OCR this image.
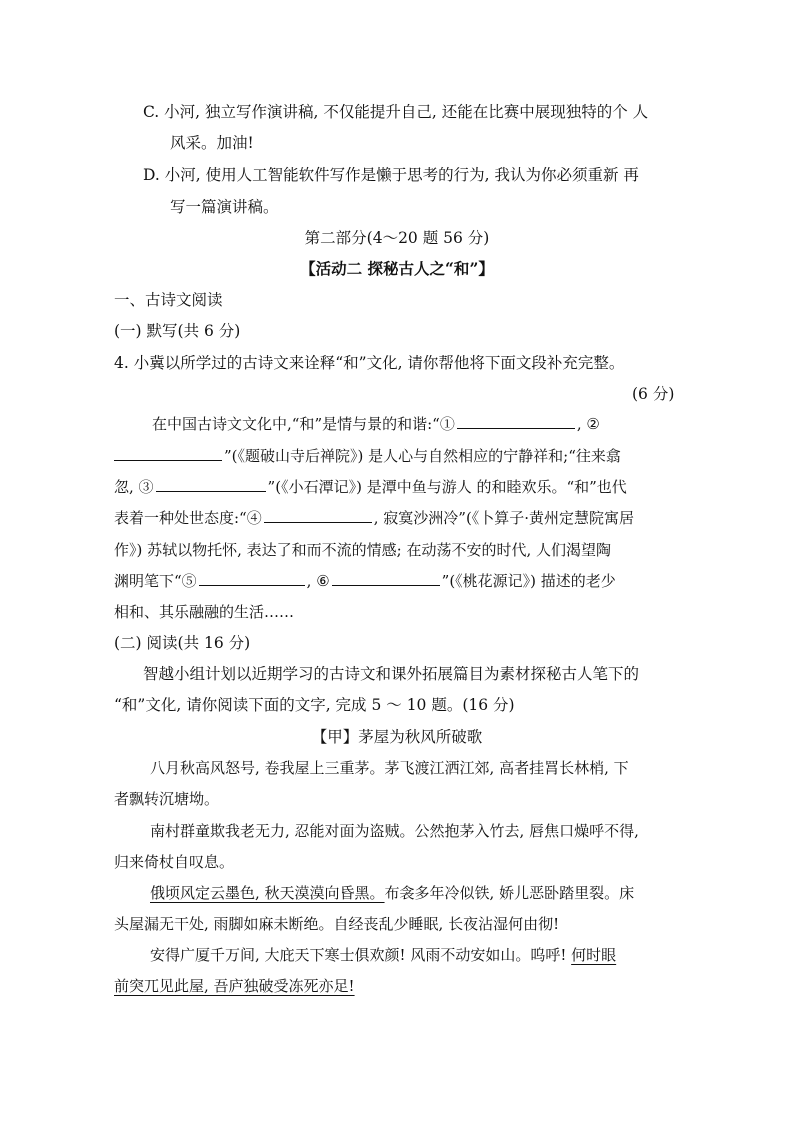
C. 小河, 独立写作演讲稿, 不仅能提升自己, 还能在比赛中展现独特的个 人
风采。加油!
D. 小河, 使用人工智能软件写作是懒于思考的行为, 我认为你必须重新 再
写一篇演讲稿。
第二部分(4～20 题 56 分)
【活动二 探秘古人之“和”】
一、古诗文阅读
(一) 默写(共 6 分)
4. 小冀以所学过的古诗文来诠释“和”文化, 请你帮他将下面文段补充完整。
(6 分)
在中国古诗文文化中,“和”是情与景的和谐:“①	, ②
”(《题破山寺后禅院》) 是人心与自然相应的宁静祥和;“往来翕
忽, ③	”(《小石潭记》) 是潭中鱼与游人 的和睦欢乐。“和”也代
表着一种处世态度:“④	, 寂寞沙洲冷”(《卜算子·黄州定慧院寓居
作》) 苏轼以物托怀, 表达了和而不流的情感; 在动荡不安的时代, 人们渴望陶
渊明笔下“⑤	, ⑥	”(《桃花源记》) 描述的老少
相和、其乐融融的生活……
(二) 阅读(共 16 分)
智越小组计划以近期学习的古诗文和课外拓展篇目为素材探秘古人笔下的
“和”文化, 请你阅读下面的文字, 完成 5 ～ 10 题。(16 分)
【甲】茅屋为秋风所破歌
八月秋高风怒号, 卷我屋上三重茅。茅飞渡江洒江郊, 高者挂罥长林梢, 下
者飘转沉塘坳。
南村群童欺我老无力, 忍能对面为盗贼。公然抱茅入竹去, 唇焦口燥呼不得,
归来倚杖自叹息。
俄顷风定云墨色, 秋天漠漠向昏黑。布衾多年冷似铁, 娇儿恶卧踏里裂。床
头屋漏无干处, 雨脚如麻未断绝。自经丧乱少睡眠, 长夜沾湿何由彻!
安得广厦千万间, 大庇天下寒士俱欢颜! 风雨不动安如山。呜呼! 何时眼
前突兀见此屋, 吾庐独破受冻死亦足!
